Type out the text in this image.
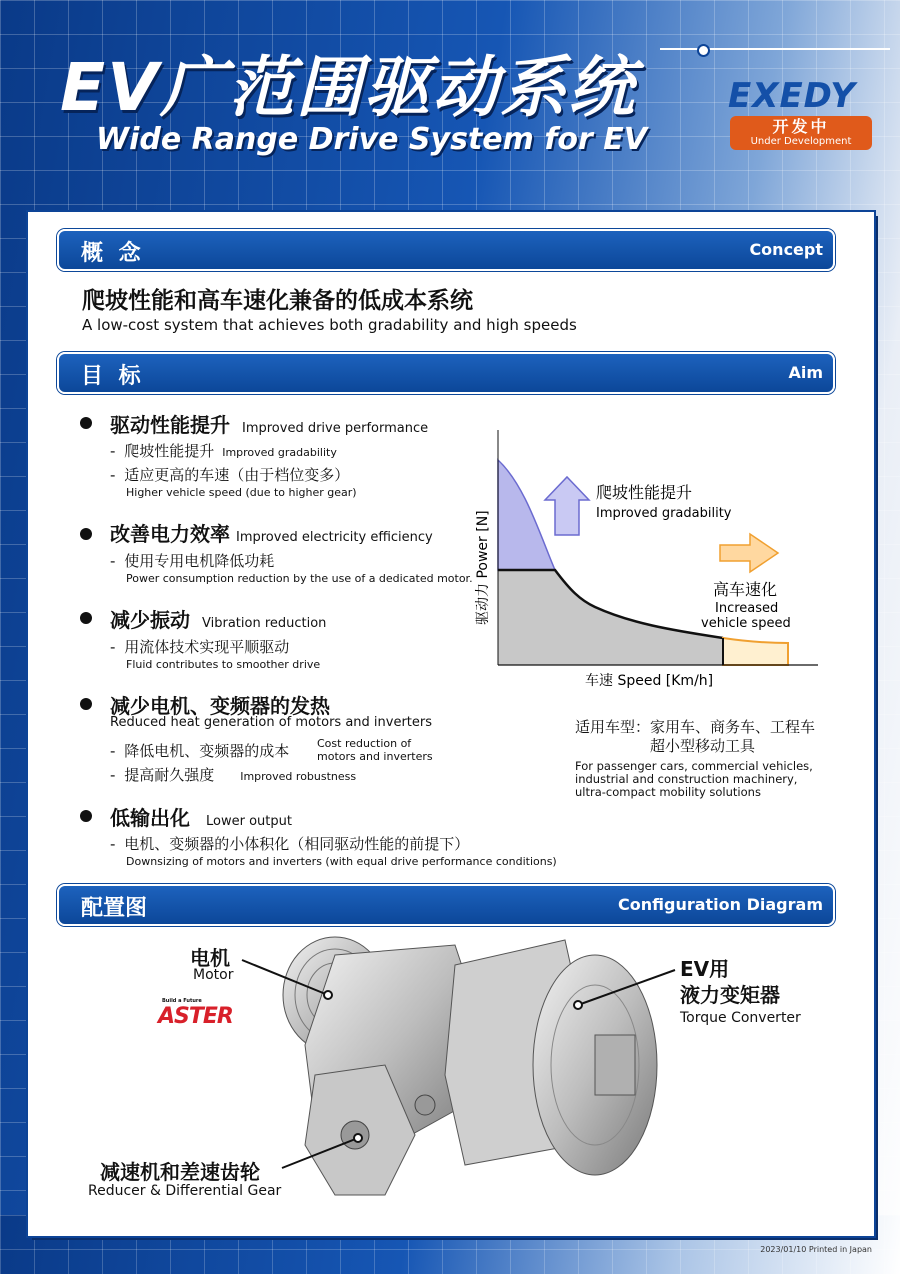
EV广范围驱动系统
Wide Range Drive System for EV
EXEDY
开发中
Under Development
概 念	Concept
爬坡性能和高车速化兼备的低成本系统
A low-cost system that achieves both gradability and high speeds
目 标	Aim
驱动性能提升 Improved drive performance
- 爬坡性能提升 Improved gradability
- 适应更高的车速（由于档位变多）
Higher vehicle speed (due to higher gear)
改善电力效率 Improved electricity efficiency
- 使用专用电机降低功耗
Power consumption reduction by the use of a dedicated motor.
减少振动 Vibration reduction
- 用流体技术实现平顺驱动
Fluid contributes to smoother drive
减少电机、变频器的发热
Reduced heat generation of motors and inverters
- 降低电机、变频器的成本	Cost reduction of motors and inverters
- 提高耐久强度 Improved robustness
低输出化 Lower output
- 电机、变频器的小体积化（相同驱动性能的前提下）
Downsizing of motors and inverters (with equal drive performance conditions)
驱动力 Power [N]
车速 Speed [Km/h]
爬坡性能提升
Improved gradability
高车速化
Increased
vehicle speed
适用车型：家用车、商务车、工程车
超小型移动工具
For passenger cars, commercial vehicles,
industrial and construction machinery,
ultra-compact mobility solutions
配置图	Configuration Diagram
电机
Motor	EV用
液力变矩器
Torque Converter
减速机和差速齿轮
Reducer & Differential Gear
Build a Future
ASTER
2023/01/10 Printed in Japan
